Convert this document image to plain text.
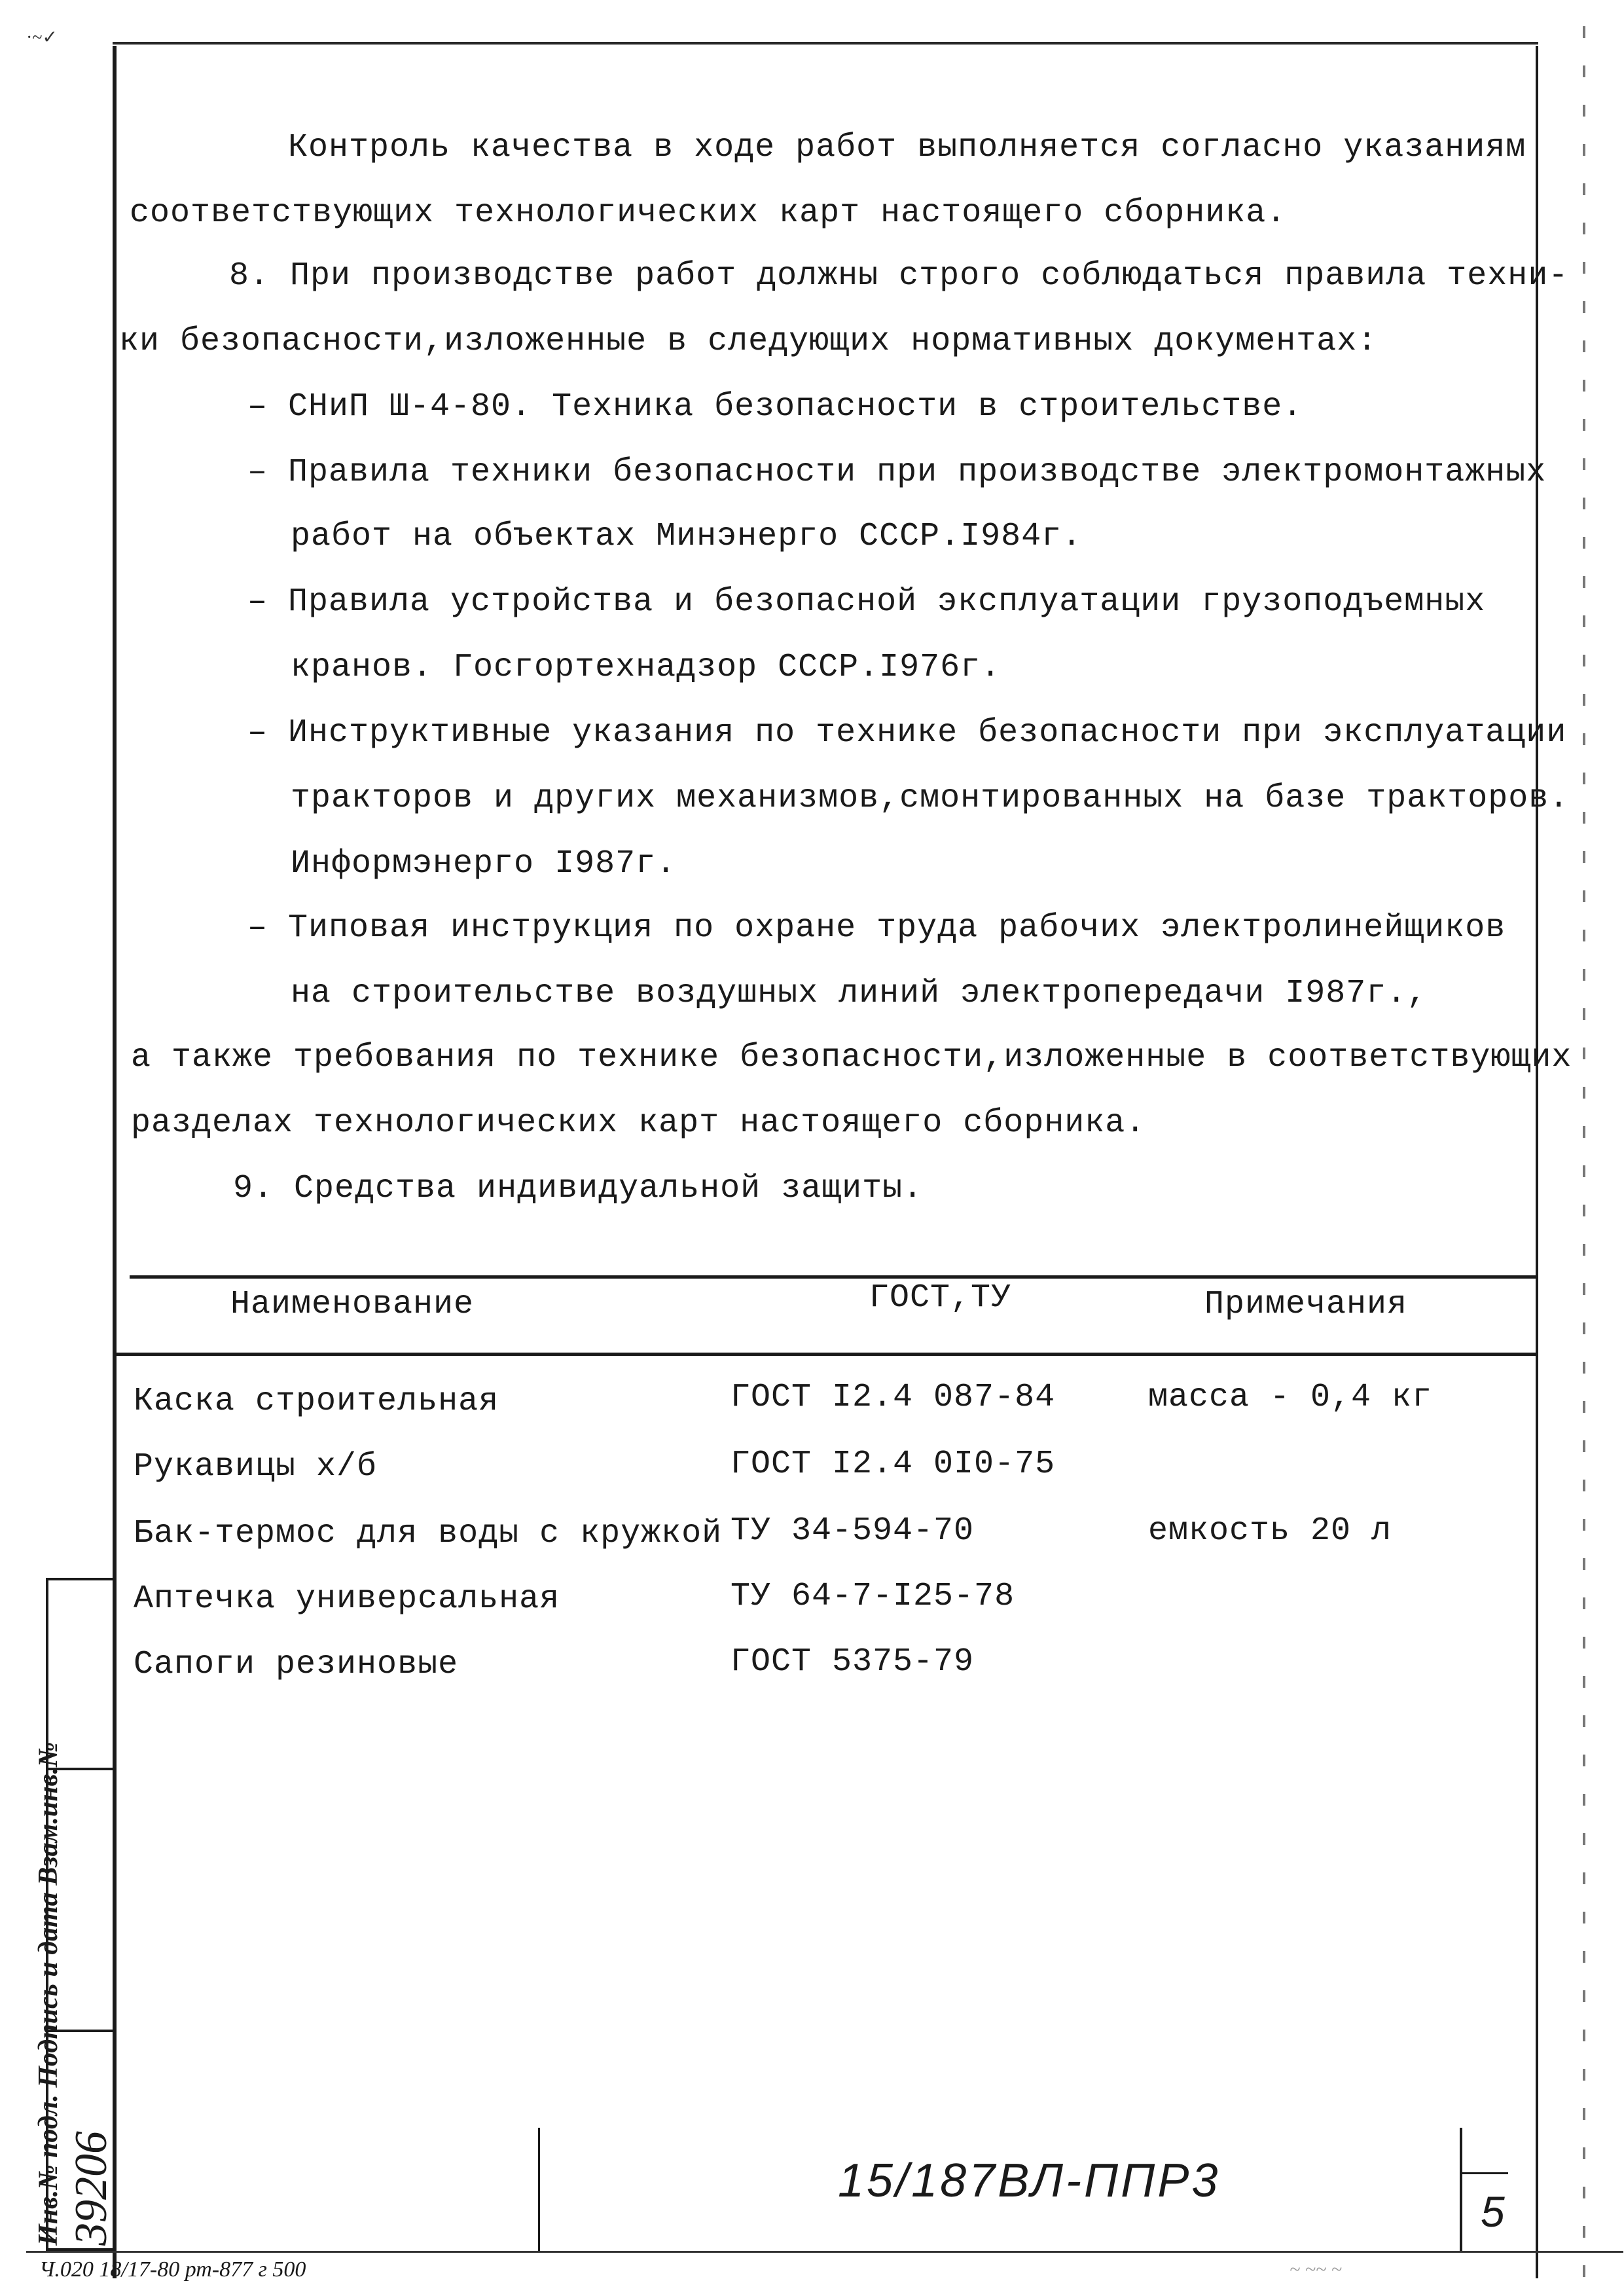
·~✓
Контроль качества в ходе работ выполняется согласно указаниям
соответствующих технологических карт настоящего сборника.
8. При производстве работ должны строго соблюдаться правила техни-
ки безопасности,изложенные в следующих нормативных документах:
– СНиП Ш-4-80. Техника безопасности в строительстве.
– Правила техники безопасности при производстве электромонтажных
работ на объектах Минэнерго СССР.I984г.
– Правила устройства и безопасной эксплуатации грузоподъемных
кранов. Госгортехнадзор СССР.I976г.
– Инструктивные указания по технике безопасности при эксплуатации
тракторов и других механизмов,смонтированных на базе тракторов.
Информэнерго I987г.
– Типовая инструкция по охране труда рабочих электролинейщиков
на строительстве воздушных линий электропередачи I987г.,
а также требования по технике безопасности,изложенные в соответствующих
разделах технологических карт настоящего сборника.
9. Средства индивидуальной защиты.
Наименование	ГОСТ,ТУ	Примечания
Каска строительная	ГОСТ I2.4 087-84	масса - 0,4 кг
Рукавицы х/б	ГОСТ I2.4 0I0-75
Бак-термос для воды с кружкой ТУ 34-594-70	емкость 20 л
Аптечка универсальная	ТУ 64-7-I25-78
Сапоги резиновые	ГОСТ 5375-79
Инв.№ подл. Подпись и дата Взам.инв.№ 39206	15/187ВЛ-ППР3
5
Ч.020 18/17-80 рт-877 г 500	~ ~~ ~
